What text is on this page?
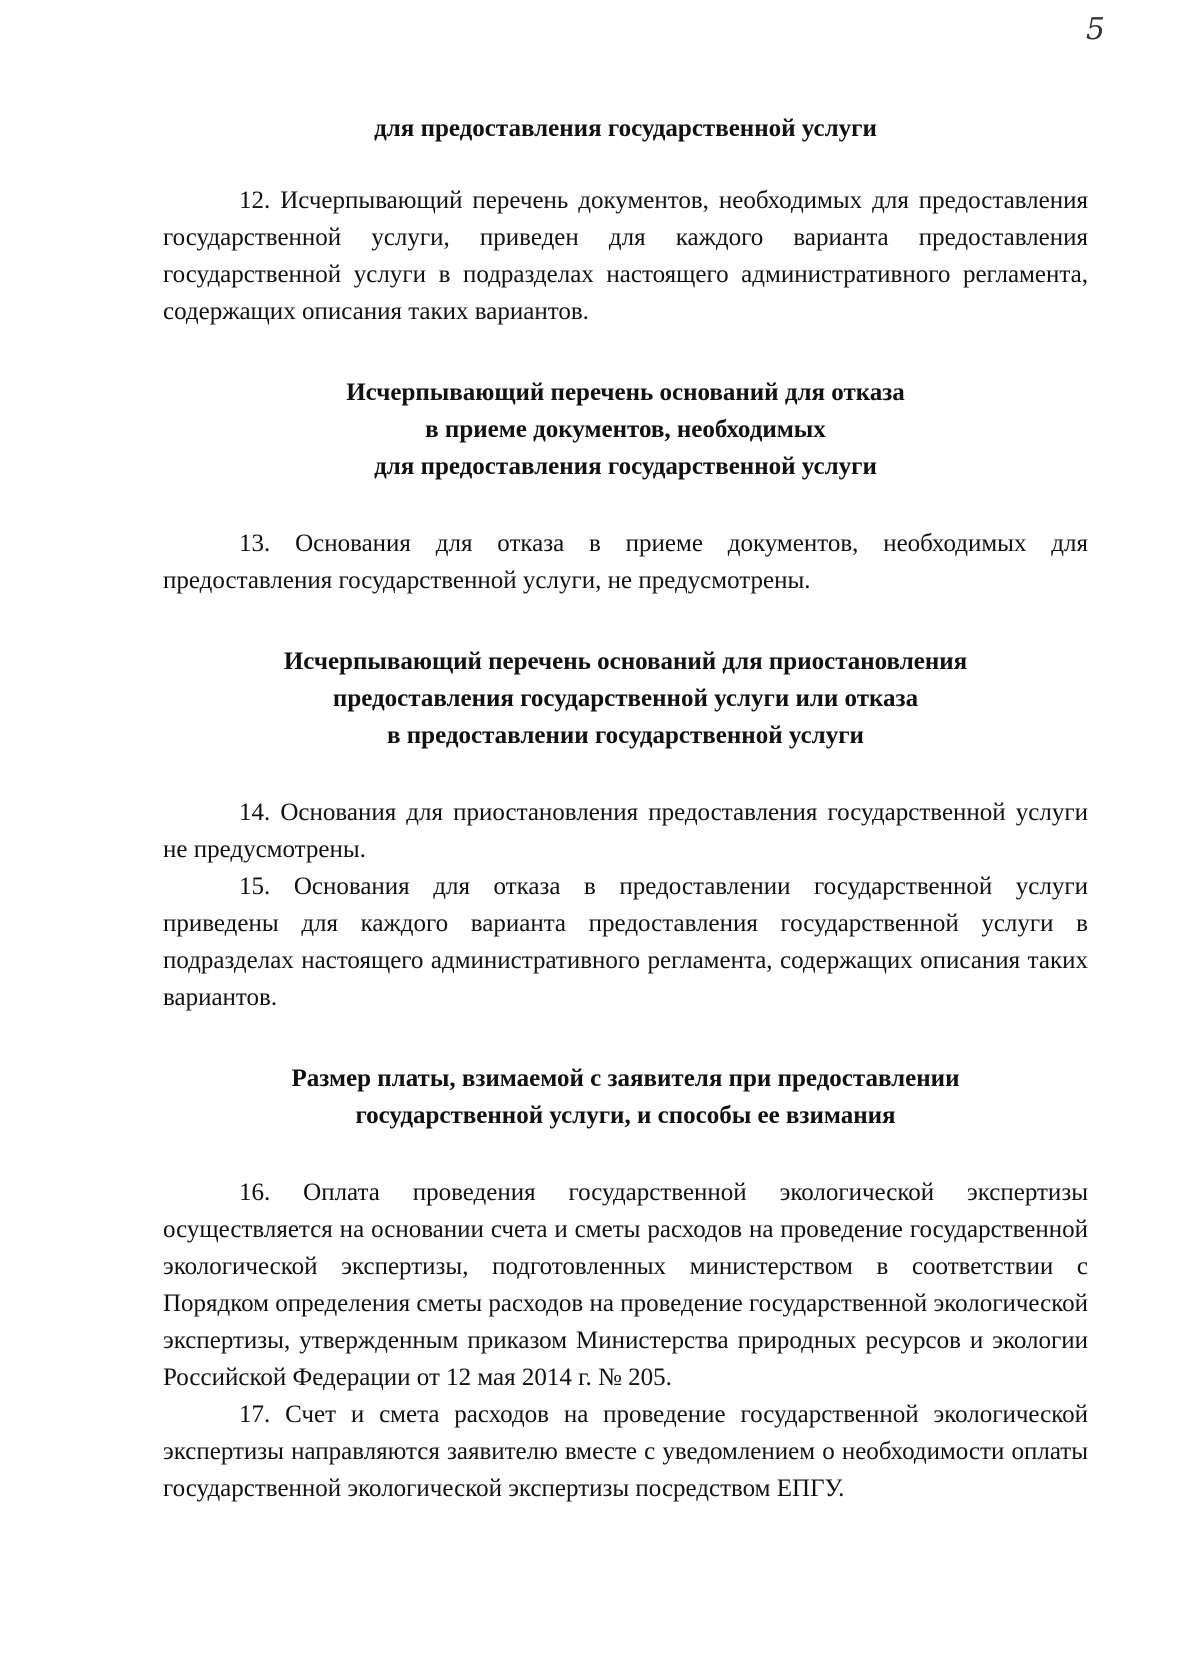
5
для предоставления государственной услуги

12. Исчерпывающий перечень документов, необходимых для предоставления государственной услуги, приведен для каждого варианта предоставления государственной услуги в подразделах настоящего административного регламента, содержащих описания таких вариантов.

Исчерпывающий перечень оснований для отказа
в приеме документов, необходимых
для предоставления государственной услуги

13. Основания для отказа в приеме документов, необходимых для предоставления государственной услуги, не предусмотрены.

Исчерпывающий перечень оснований для приостановления
предоставления государственной услуги или отказа
в предоставлении государственной услуги

14. Основания для приостановления предоставления государственной услуги не предусмотрены.

15. Основания для отказа в предоставлении государственной услуги приведены для каждого варианта предоставления государственной услуги в подразделах настоящего административного регламента, содержащих описания таких вариантов.

Размер платы, взимаемой с заявителя при предоставлении
государственной услуги, и способы ее взимания

16. Оплата проведения государственной экологической экспертизы осуществляется на основании счета и сметы расходов на проведение государственной экологической экспертизы, подготовленных министерством в соответствии с Порядком определения сметы расходов на проведение государственной экологической экспертизы, утвержденным приказом Министерства природных ресурсов и экологии Российской Федерации от 12 мая 2014 г. № 205.

17. Счет и смета расходов на проведение государственной экологической экспертизы направляются заявителю вместе с уведомлением о необходимости оплаты государственной экологической экспертизы посредством ЕПГУ.
